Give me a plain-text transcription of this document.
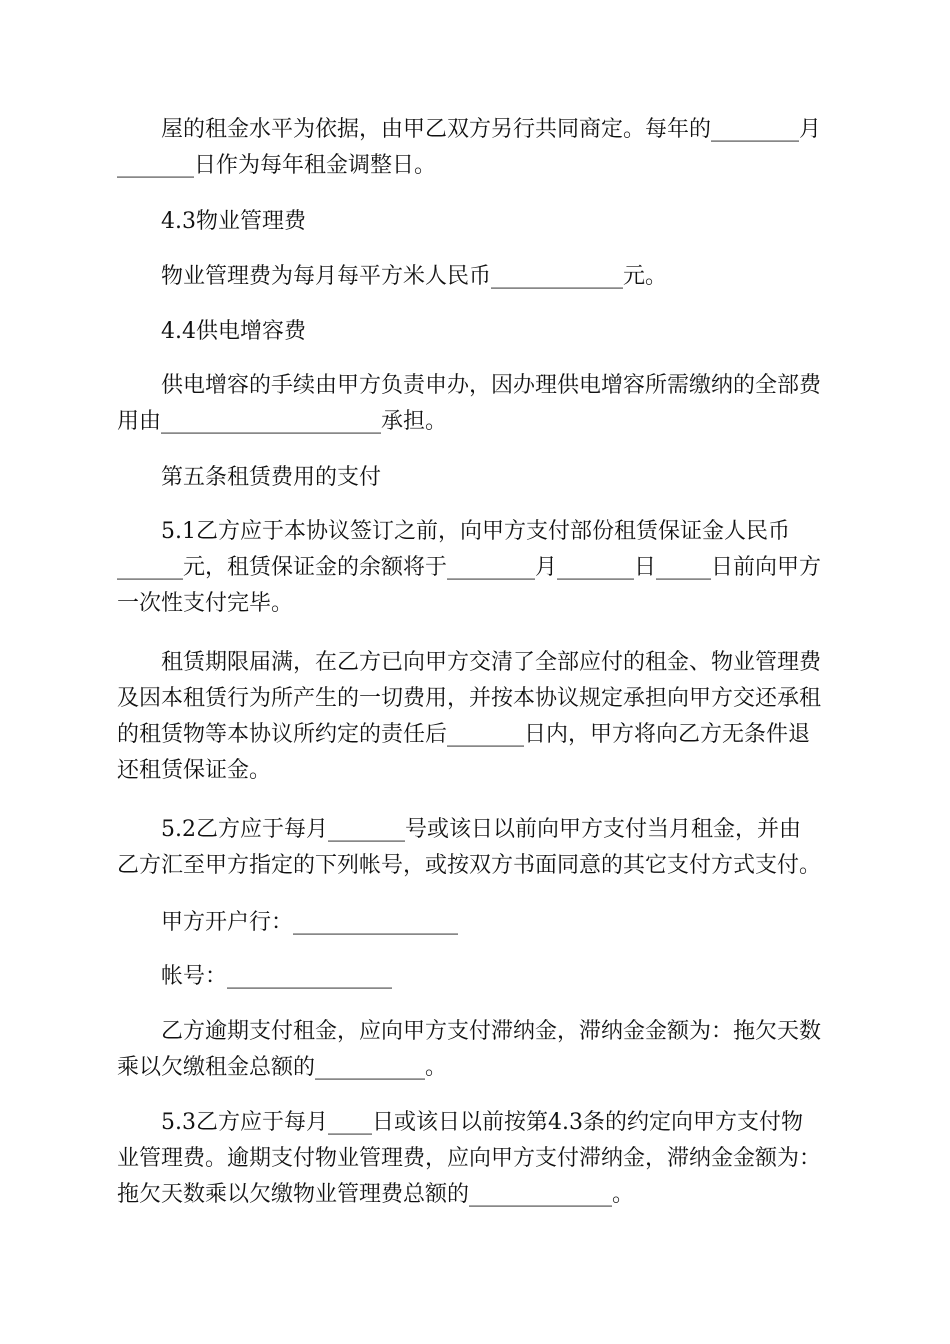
屋的租金水平为依据，由甲乙双方另行共同商定。每年的________月
_______日作为每年租金调整日。
4.3物业管理费
物业管理费为每月每平方米人民币____________元。
4.4供电增容费
供电增容的手续由甲方负责申办，因办理供电增容所需缴纳的全部费
用由____________________承担。
第五条租赁费用的支付
5.1乙方应于本协议签订之前，向甲方支付部份租赁保证金人民币
______元，租赁保证金的余额将于________月_______日_____日前向甲方
一次性支付完毕。
租赁期限届满，在乙方已向甲方交清了全部应付的租金、物业管理费
及因本租赁行为所产生的一切费用，并按本协议规定承担向甲方交还承租
的租赁物等本协议所约定的责任后_______日内，甲方将向乙方无条件退
还租赁保证金。
5.2乙方应于每月_______号或该日以前向甲方支付当月租金，并由
乙方汇至甲方指定的下列帐号，或按双方书面同意的其它支付方式支付。
甲方开户行：_______________
帐号：_______________
乙方逾期支付租金，应向甲方支付滞纳金，滞纳金金额为：拖欠天数
乘以欠缴租金总额的__________。
5.3乙方应于每月____日或该日以前按第4.3条的约定向甲方支付物
业管理费。逾期支付物业管理费，应向甲方支付滞纳金，滞纳金金额为：
拖欠天数乘以欠缴物业管理费总额的_____________。
